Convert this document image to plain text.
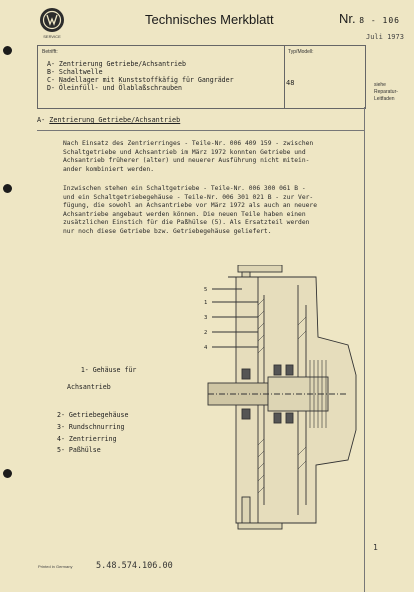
SERVICE
Technisches Merkblatt	Nr. 8 - 106
Juli 1973
Betrifft:	Typ/Modell:
A- Zentrierung Getriebe/Achsantrieb
B- Schaltwelle
C- Nadellager mit Kunststoffkäfig für Gangräder
D- Öleinfüll- und Ölablaßschrauben
48	siehe
Reparatur-
Leitfaden
A- Zentrierung Getriebe/Achsantrieb
Nach Einsatz des Zentrierringes - Teile-Nr. 006 409 159 - zwischen
Schaltgetriebe und Achsantrieb im März 1972 konnten Getriebe und
Achsantrieb früherer (alter) und neuerer Ausführung nicht mitein-
ander kombiniert werden.
Inzwischen stehen ein Schaltgetriebe - Teile-Nr. 006 300 061 B -
und ein Schaltgetriebegehäuse - Teile-Nr. 006 301 021 B - zur Ver-
fügung, die sowohl an Achsantriebe vor März 1972 als auch an neuere
Achsantriebe angebaut werden können. Die neuen Teile haben einen
zusätzlichen Einstich für die Paßhülse (5). Als Ersatzteil werden
nur noch diese Getriebe bzw. Getriebegehäuse geliefert.

1- Gehäuse für

Achsantrieb

2- Getriebegehäuse
3- Rundschnurring
4- Zentrierring
5- Paßhülse
5
1
3
2
4
1
Printed in Germany	5.48.574.106.00
